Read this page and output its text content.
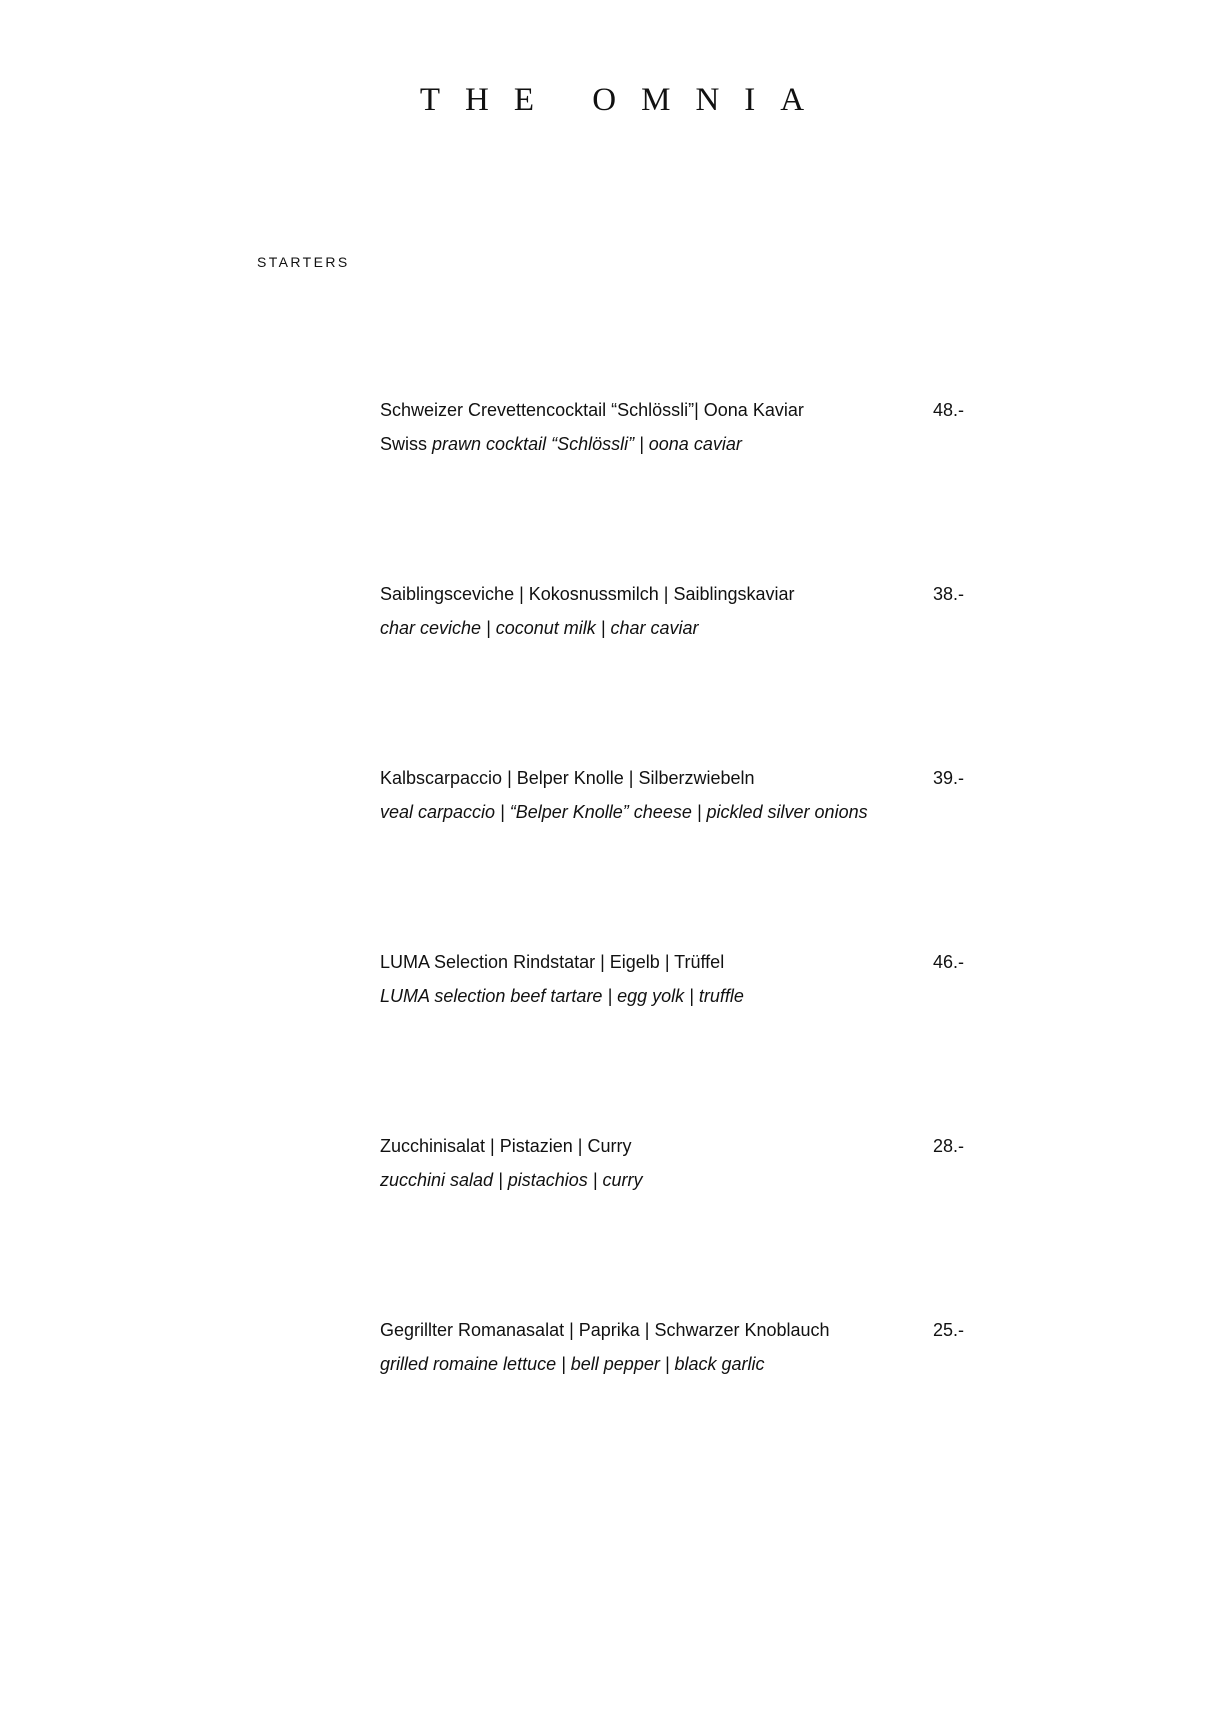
THE OMNIA
STARTERS
Schweizer Crevettencocktail “Schlössli”| Oona Kaviar
Swiss prawn cocktail “Schlössli” | oona caviar
48.-
Saiblingsceviche | Kokosnussmilch | Saiblingskaviar
char ceviche | coconut milk | char caviar
38.-
Kalbscarpaccio | Belper Knolle | Silberzwiebeln
veal carpaccio | “Belper Knolle” cheese | pickled silver onions
39.-
LUMA Selection Rindstatar | Eigelb | Trüffel
LUMA selection beef tartare | egg yolk | truffle
46.-
Zucchinisalat | Pistazien | Curry
zucchini salad | pistachios | curry
28.-
Gegrillter Romanasalat | Paprika | Schwarzer Knoblauch
grilled romaine lettuce | bell pepper | black garlic
25.-
